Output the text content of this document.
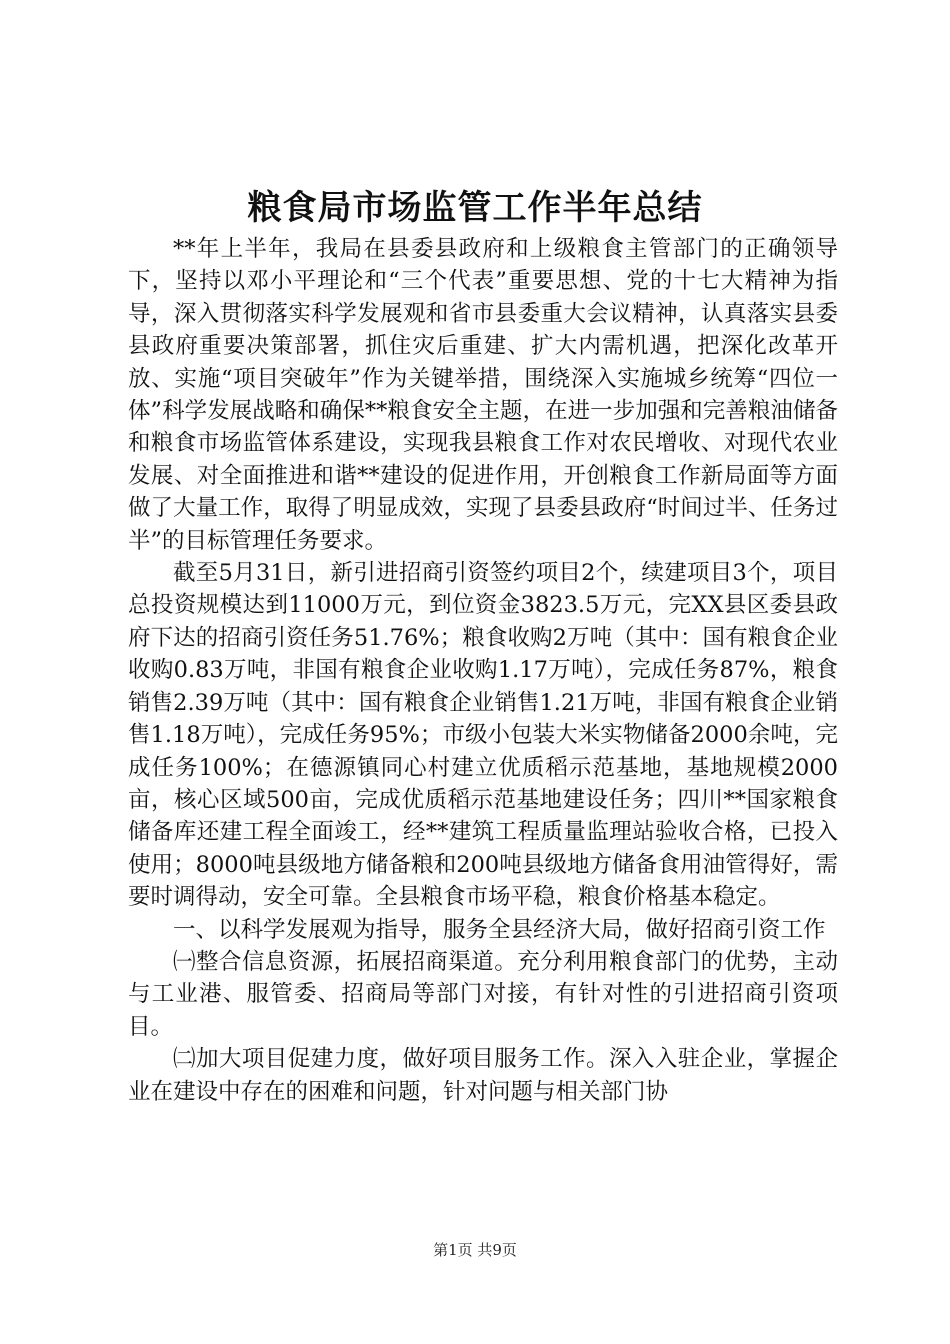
粮食局市场监管工作半年总结

**年上半年，我局在县委县政府和上级粮食主管部门的正确领导下，坚持以邓小平理论和“三个代表”重要思想、党的十七大精神为指导，深入贯彻落实科学发展观和省市县委重大会议精神，认真落实县委县政府重要决策部署，抓住灾后重建、扩大内需机遇，把深化改革开放、实施“项目突破年”作为关键举措，围绕深入实施城乡统筹“四位一体”科学发展战略和确保**粮食安全主题，在进一步加强和完善粮油储备和粮食市场监管体系建设，实现我县粮食工作对农民增收、对现代农业发展、对全面推进和谐**建设的促进作用，开创粮食工作新局面等方面做了大量工作，取得了明显成效，实现了县委县政府“时间过半、任务过半”的目标管理任务要求。

截至5月31日，新引进招商引资签约项目2个，续建项目3个，项目总投资规模达到11000万元，到位资金3823.5万元，完XX县区委县政府下达的招商引资任务51.76%；粮食收购2万吨（其中：国有粮食企业收购0.83万吨，非国有粮食企业收购1.17万吨），完成任务87%，粮食销售2.39万吨（其中：国有粮食企业销售1.21万吨，非国有粮食企业销售1.18万吨），完成任务95%；市级小包装大米实物储备2000余吨，完成任务100%；在德源镇同心村建立优质稻示范基地，基地规模2000亩，核心区域500亩，完成优质稻示范基地建设任务；四川**国家粮食储备库还建工程全面竣工，经**建筑工程质量监理站验收合格，已投入使用；8000吨县级地方储备粮和200吨县级地方储备食用油管得好，需要时调得动，安全可靠。全县粮食市场平稳，粮食价格基本稳定。

一、以科学发展观为指导，服务全县经济大局，做好招商引资工作

㈠整合信息资源，拓展招商渠道。充分利用粮食部门的优势，主动与工业港、服管委、招商局等部门对接，有针对性的引进招商引资项目。

㈡加大项目促建力度，做好项目服务工作。深入入驻企业，掌握企业在建设中存在的困难和问题，针对问题与相关部门协

第1页 共9页
